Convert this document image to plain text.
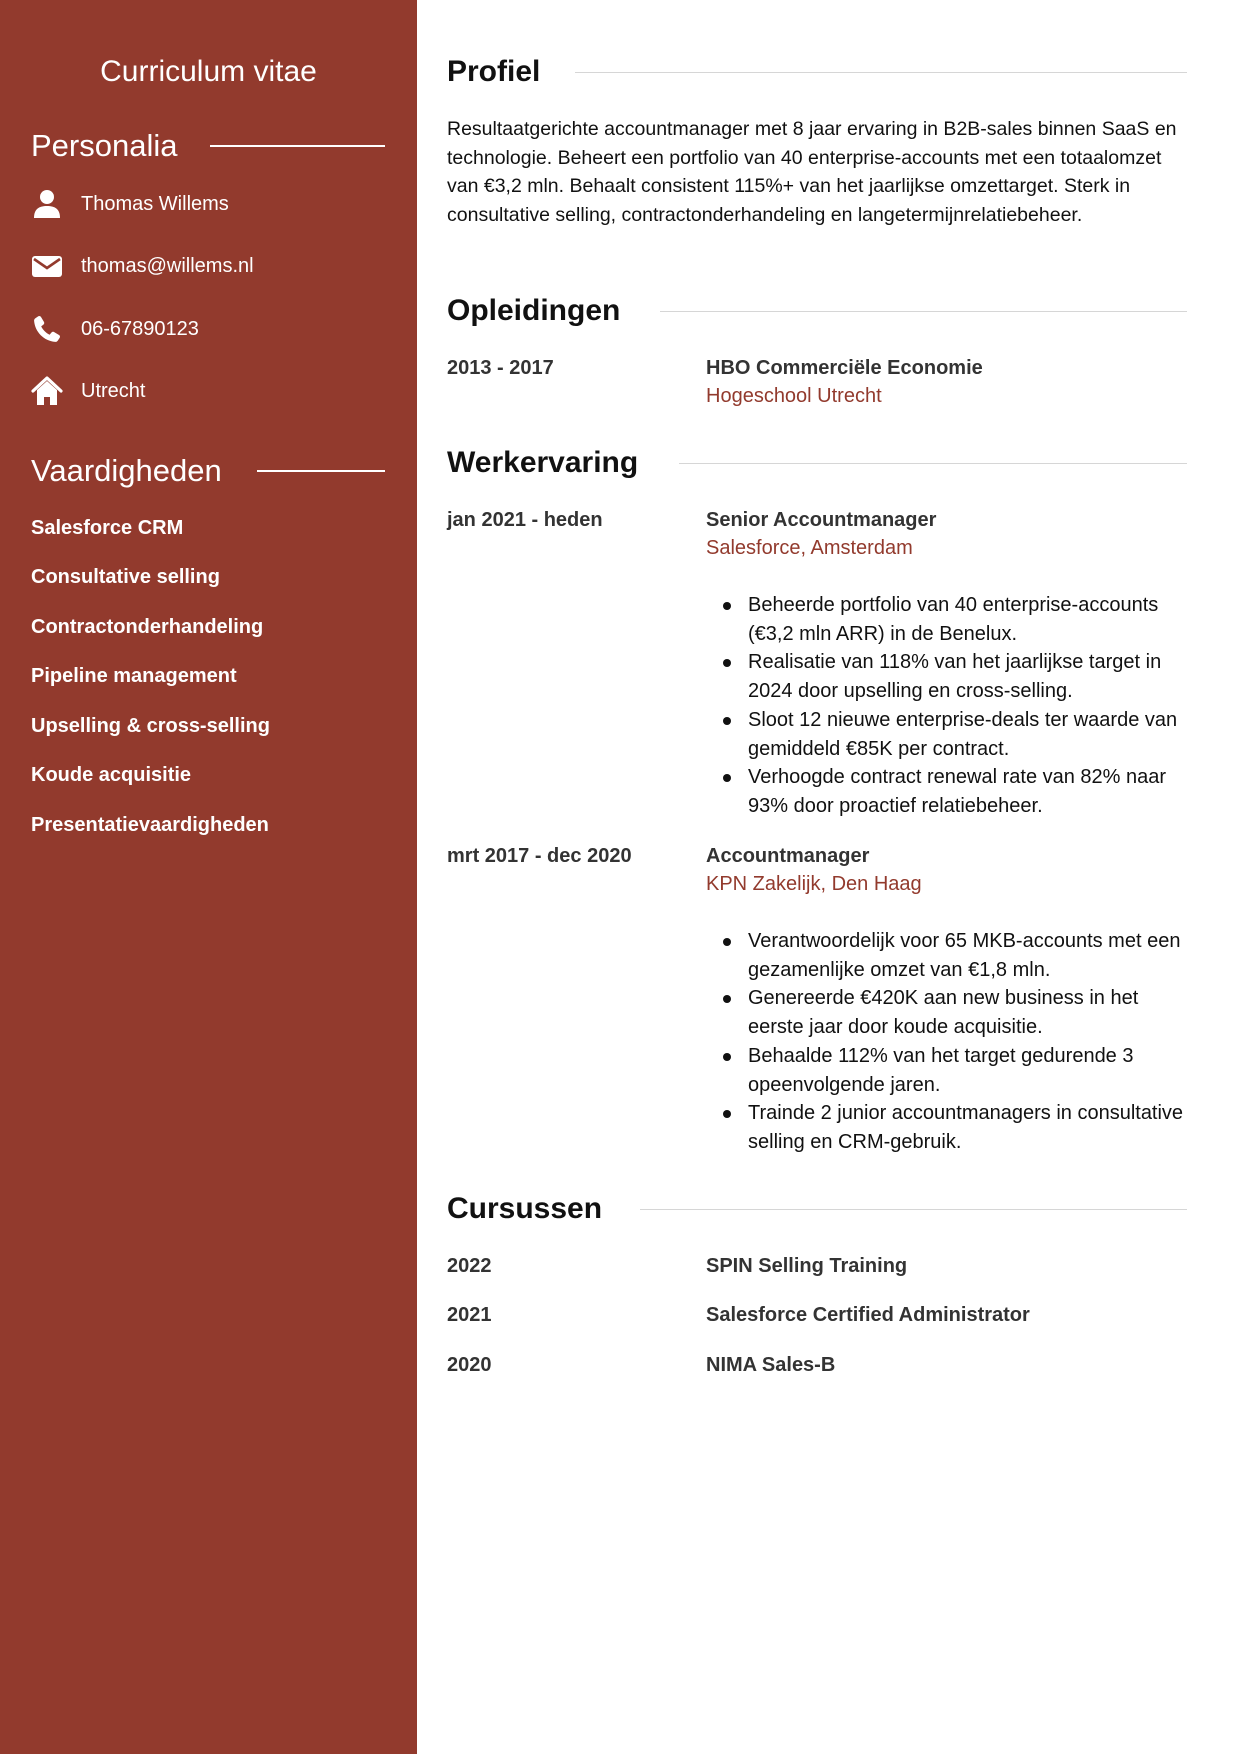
Curriculum vitae
Personalia
Thomas Willems
thomas@willems.nl
06-67890123
Utrecht
Vaardigheden
Salesforce CRM
Consultative selling
Contractonderhandeling
Pipeline management
Upselling & cross-selling
Koude acquisitie
Presentatievaardigheden
Profiel
Resultaatgerichte accountmanager met 8 jaar ervaring in B2B-sales binnen SaaS en technologie. Beheert een portfolio van 40 enterprise-accounts met een totaalomzet van €3,2 mln. Behaalt consistent 115%+ van het jaarlijkse omzettarget. Sterk in consultative selling, contractonderhandeling en langetermijnrelatiebeheer.
Opleidingen
2013 - 2017	HBO Commerciële Economie
Hogeschool Utrecht
Werkervaring
jan 2021 - heden	Senior Accountmanager
Salesforce, Amsterdam
Beheerde portfolio van 40 enterprise-accounts (€3,2 mln ARR) in de Benelux.
Realisatie van 118% van het jaarlijkse target in 2024 door upselling en cross-selling.
Sloot 12 nieuwe enterprise-deals ter waarde van gemiddeld €85K per contract.
Verhoogde contract renewal rate van 82% naar 93% door proactief relatiebeheer.
mrt 2017 - dec 2020	Accountmanager
KPN Zakelijk, Den Haag
Verantwoordelijk voor 65 MKB-accounts met een gezamenlijke omzet van €1,8 mln.
Genereerde €420K aan new business in het eerste jaar door koude acquisitie.
Behaalde 112% van het target gedurende 3 opeenvolgende jaren.
Trainde 2 junior accountmanagers in consultative selling en CRM-gebruik.
Cursussen
2022	SPIN Selling Training
2021	Salesforce Certified Administrator
2020	NIMA Sales-B
